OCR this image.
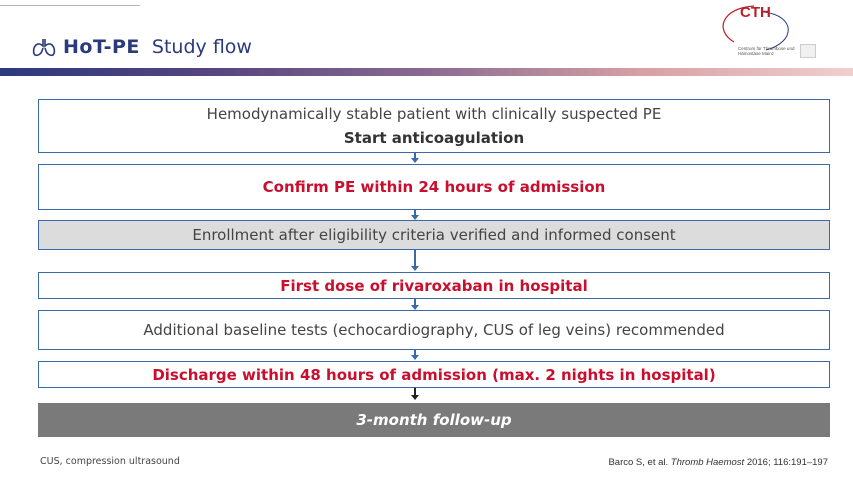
HoT-PE Study flow
CTH
Centrum für Thrombose und Hämostase Mainz
Hemodynamically stable patient with clinically suspected PE
Start anticoagulation
Confirm PE within 24 hours of admission
Enrollment after eligibility criteria verified and informed consent
First dose of rivaroxaban in hospital
Additional baseline tests (echocardiography, CUS of leg veins) recommended
Discharge within 48 hours of admission (max. 2 nights in hospital)
3-month follow-up
CUS, compression ultrasound	Barco S, et al. Thromb Haemost 2016; 116:191–197
